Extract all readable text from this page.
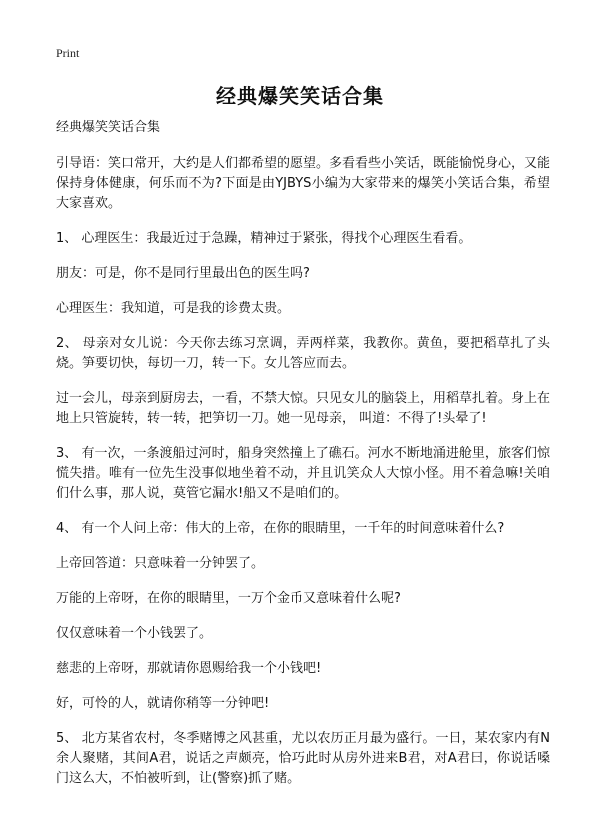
Print
经典爆笑笑话合集

经典爆笑笑话合集

引导语：笑口常开，大约是人们都希望的愿望。多看看些小笑话，既能愉悦身心，又能保持身体健康，何乐而不为?下面是由YJBYS小编为大家带来的爆笑小笑话合集，希望大家喜欢。

1、 心理医生：我最近过于急躁，精神过于紧张，得找个心理医生看看。

朋友：可是，你不是同行里最出色的医生吗?

心理医生：我知道，可是我的诊费太贵。

2、 母亲对女儿说：今天你去练习烹调，弄两样菜，我教你。黄鱼，要把稻草扎了头烧。笋要切快，每切一刀，转一下。女儿答应而去。

过一会儿，母亲到厨房去，一看，不禁大惊。只见女儿的脑袋上，用稻草扎着。身上在地上只管旋转，转一转，把笋切一刀。她一见母亲， 叫道：不得了!头晕了!

3、 有一次，一条渡船过河时，船身突然撞上了礁石。河水不断地涌进舱里，旅客们惊慌失措。唯有一位先生没事似地坐着不动，并且讥笑众人大惊小怪。用不着急嘛!关咱们什么事，那人说，莫管它漏水!船又不是咱们的。

4、 有一个人问上帝：伟大的上帝，在你的眼睛里，一千年的时间意味着什么?

上帝回答道：只意味着一分钟罢了。

万能的上帝呀，在你的眼睛里，一万个金币又意味着什么呢?

仅仅意味着一个小钱罢了。

慈悲的上帝呀，那就请你恩赐给我一个小钱吧!

好，可怜的人，就请你稍等一分钟吧!

5、 北方某省农村，冬季赌博之风甚重，尤以农历正月最为盛行。一日，某农家内有N余人聚赌，其间A君，说话之声颇亮，恰巧此时从房外进来B君，对A君曰，你说话嗓门这么大，不怕被听到，让(警察)抓了赌。
